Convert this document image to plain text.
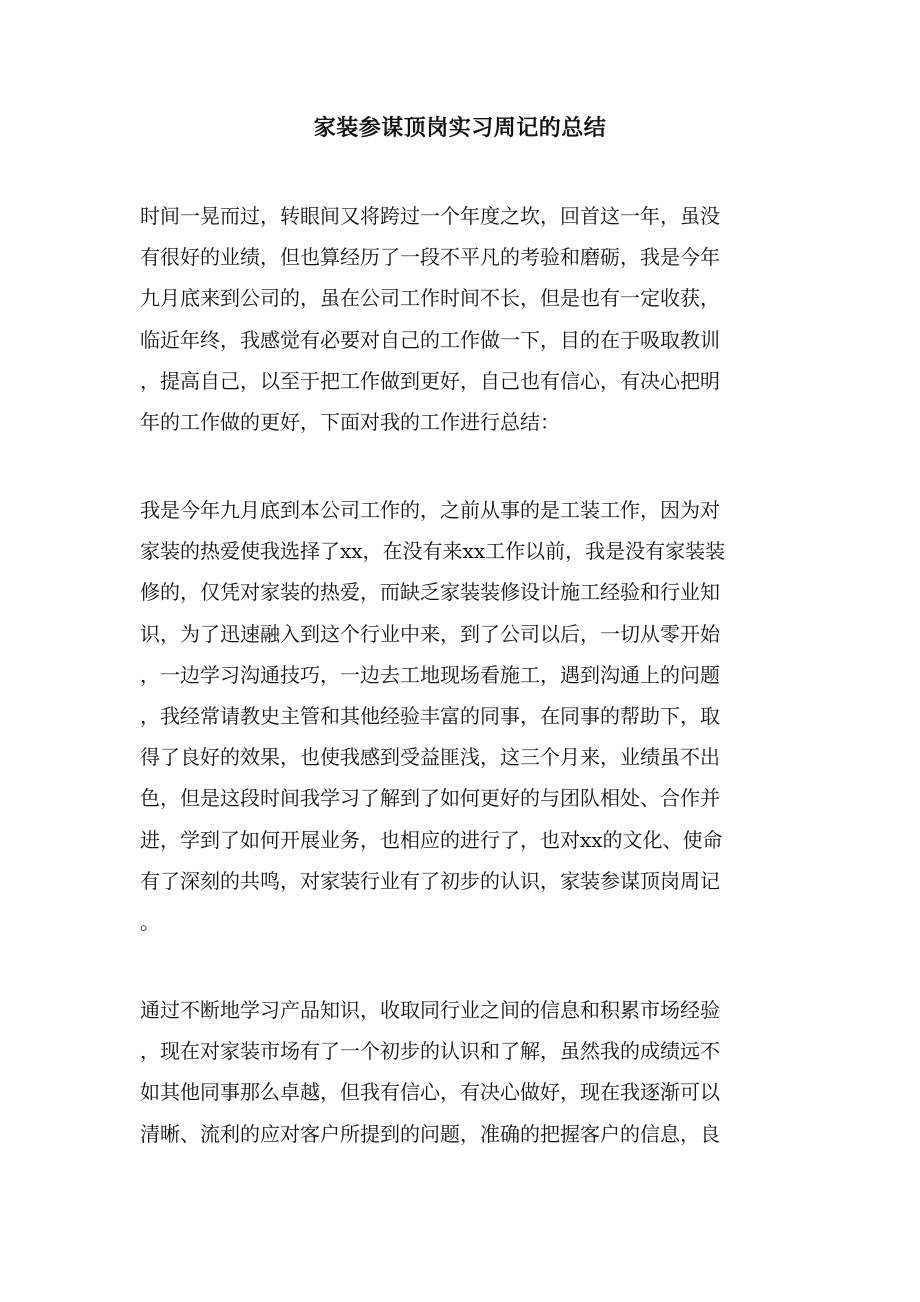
家装参谋顶岗实习周记的总结
时间一晃而过，转眼间又将跨过一个年度之坎，回首这一年，虽没
有很好的业绩，但也算经历了一段不平凡的考验和磨砺，我是今年
九月底来到公司的，虽在公司工作时间不长，但是也有一定收获，
临近年终，我感觉有必要对自己的工作做一下，目的在于吸取教训
，提高自己，以至于把工作做到更好，自己也有信心，有决心把明
年的工作做的更好，下面对我的工作进行总结：
我是今年九月底到本公司工作的，之前从事的是工装工作，因为对
家装的热爱使我选择了xx，在没有来xx工作以前，我是没有家装装
修的，仅凭对家装的热爱，而缺乏家装装修设计施工经验和行业知
识，为了迅速融入到这个行业中来，到了公司以后，一切从零开始
，一边学习沟通技巧，一边去工地现场看施工，遇到沟通上的问题
，我经常请教史主管和其他经验丰富的同事，在同事的帮助下，取
得了良好的效果，也使我感到受益匪浅，这三个月来，业绩虽不出
色，但是这段时间我学习了解到了如何更好的与团队相处、合作并
进，学到了如何开展业务，也相应的进行了，也对xx的文化、使命
有了深刻的共鸣，对家装行业有了初步的认识，家装参谋顶岗周记
。
通过不断地学习产品知识，收取同行业之间的信息和积累市场经验
，现在对家装市场有了一个初步的认识和了解，虽然我的成绩远不
如其他同事那么卓越，但我有信心，有决心做好，现在我逐渐可以
清晰、流利的应对客户所提到的问题，准确的把握客户的信息，良
